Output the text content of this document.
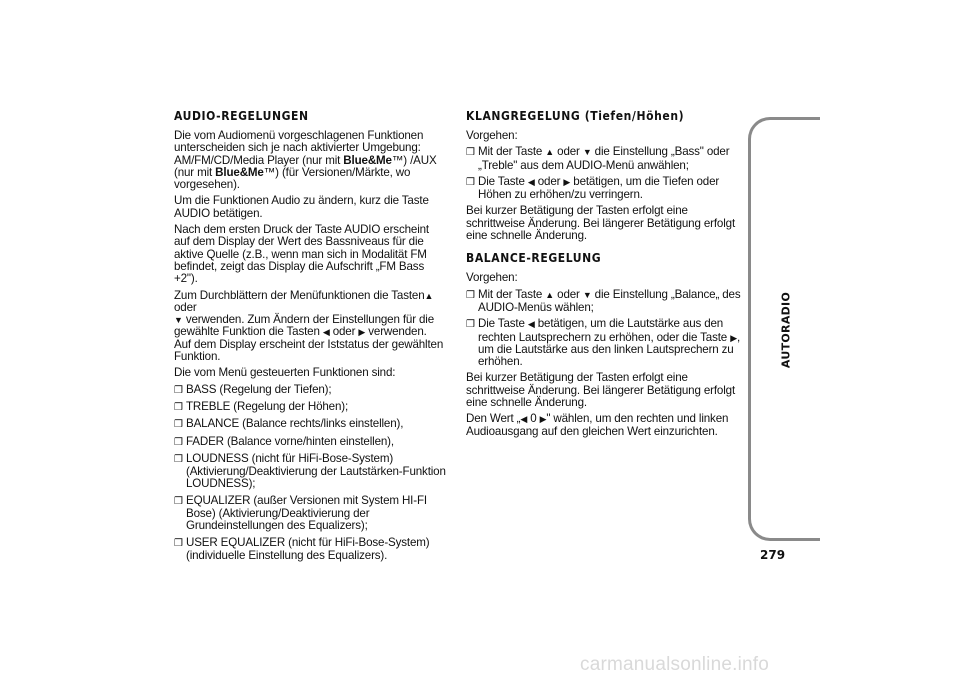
AUDIO-REGELUNGEN

Die vom Audiomenü vorgeschlagenen Funktionen unterscheiden sich je nach aktivierter Umgebung: AM/FM/CD/Media Player (nur mit Blue&Me™) /AUX (nur mit Blue&Me™) (für Versionen/Märkte, wo vorgesehen).

Um die Funktionen Audio zu ändern, kurz die Taste AUDIO betätigen.

Nach dem ersten Druck der Taste AUDIO erscheint auf dem Display der Wert des Bassniveaus für die aktive Quelle (z.B., wenn man sich in Modalität FM befindet, zeigt das Display die Aufschrift „FM Bass +2").

Zum Durchblättern der Menüfunktionen die Tasten▲ oder
▼ verwenden. Zum Ändern der Einstellungen für die gewählte Funktion die Tasten ◀ oder ▶ verwenden. Auf dem Display erscheint der Iststatus der gewählten Funktion.

Die vom Menü gesteuerten Funktionen sind:

❒ BASS (Regelung der Tiefen);
❒ TREBLE (Regelung der Höhen);
❒ BALANCE (Balance rechts/links einstellen),
❒ FADER (Balance vorne/hinten einstellen),
❒ LOUDNESS (nicht für HiFi-Bose-System) (Aktivierung/Deaktivierung der Lautstärken-Funktion LOUDNESS);
❒ EQUALIZER (außer Versionen mit System HI-FI Bose) (Aktivierung/Deaktivierung der Grundeinstellungen des Equalizers);
❒ USER EQUALIZER (nicht für HiFi-Bose-System) (individuelle Einstellung des Equalizers).
KLANGREGELUNG (Tiefen/Höhen)

Vorgehen:

❒ Mit der Taste ▲ oder ▼ die Einstellung „Bass" oder „Treble" aus dem AUDIO-Menü anwählen;
❒ Die Taste ◀ oder ▶ betätigen, um die Tiefen oder Höhen zu erhöhen/zu verringern.

Bei kurzer Betätigung der Tasten erfolgt eine schrittweise Änderung. Bei längerer Betätigung erfolgt eine schnelle Änderung.

BALANCE-REGELUNG

Vorgehen:

❒ Mit der Taste ▲ oder ▼ die Einstellung „Balance„ des AUDIO-Menüs wählen;
❒ Die Taste ◀ betätigen, um die Lautstärke aus den rechten Lautsprechern zu erhöhen, oder die Taste ▶, um die Lautstärke aus den linken Lautsprechern zu erhöhen.

Bei kurzer Betätigung der Tasten erfolgt eine schrittweise Änderung. Bei längerer Betätigung erfolgt eine schnelle Änderung.

Den Wert „◀ 0 ▶" wählen, um den rechten und linken Audioausgang auf den gleichen Wert einzurichten.

AUTORADIO
279
carmanualsonline.info
